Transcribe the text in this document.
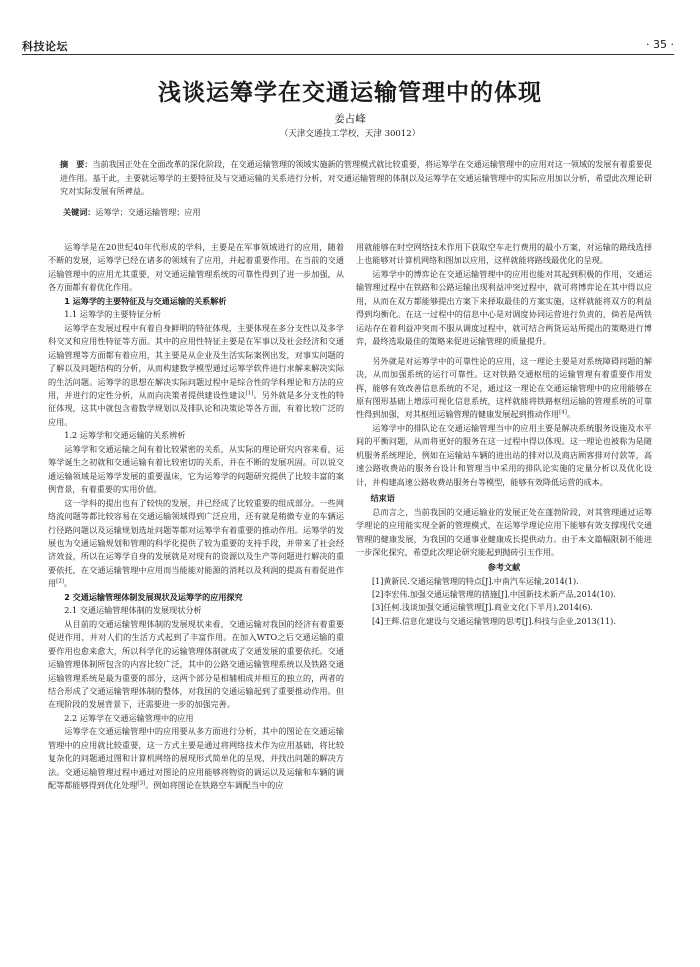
科技论坛	· 35 ·
浅谈运筹学在交通运输管理中的体现
姜占峰
（天津交通技工学校，天津 30012）
摘　要：当前我国正处在全面改革的深化阶段，在交通运输管理的领域实施新的管理模式就比较重要，将运筹学在交通运输管理中的应用对这一领域的发展有着重要促进作用。基于此，主要就运筹学的主要特征及与交通运输的关系进行分析，对交通运输管理的体制以及运筹学在交通运输管理中的实际应用加以分析，希望此次理论研究对实际发展有所裨益。
关键词：运筹学；交通运输管理；应用

运筹学是在20世纪40年代形成的学科，主要是在军事领域进行的应用，随着不断的发展，运筹学已经在诸多的领域有了应用，并起着重要作用。在当前的交通运输管理中的应用尤其重要，对交通运输管理系统的可靠性得到了进一步加强，从各方面都有着优化作用。

1 运筹学的主要特征及与交通运输的关系解析

1.1 运筹学的主要特征分析

运筹学在发展过程中有着自身鲜明的特征体现，主要体现在多分支性以及多学科交叉和应用性特征等方面。其中的应用性特征主要是在军事以及社会经济和交通运输管理等方面都有着应用，其主要是从企业及生活实际案例出发，对事实问题的了解以及问题结构的分析，从而构建数学模型通过运筹学软件进行求解来解决实际的生活问题。运筹学的思想在解决实际问题过程中是综合性的学科理论和方法的应用，并进行的定性分析，从而向决策者提供建设性建议[1]。另外就是多分支性的特征体现，这其中就包含着数学规划以及排队论和决策论等各方面，有着比较广泛的应用。

1.2 运筹学和交通运输的关系辨析

运筹学和交通运输之间有着比较紧密的关系，从实际的理论研究内容来看，运筹学诞生之初就和交通运输有着比较密切的关系，并在不断的发展巩固。可以说交通运输领域是运筹学发展的重要温床，它为运筹学的问题研究提供了比较丰富的案例背景，有着重要的实用价值。

这一学科的提出也有了较快的发展，并已经成了比较重要的组成部分。一些网络流问题等都比较容易在交通运输领域得到广泛应用，还有就是稍微专业的车辆运行径路问题以及运输规划选址问题等都对运筹学有着重要的推动作用。运筹学的发展也为交通运输规划和管理的科学化提供了较为重要的支持手段，并带来了社会经济效益，所以在运筹学自身的发展就是对现有的资源以及生产等问题进行解决的重要依托，在交通运输管理中应用而当能能对能源的消耗以及利润的提高有着促进作用[2]。

2 交通运输管理体制发展现状及运筹学的应用探究

2.1 交通运输管理体制的发展现状分析

从目前的交通运输管理体制的发展现状来看，交通运输对我国的经济有着重要促进作用，并对人们的生活方式起到了丰富作用。在加入WTO之后交通运输的重要作用也愈来愈大，所以科学化的运输管理体制就成了交通发展的重要依托。交通运输管理体制所包含的内容比较广泛，其中的公路交通运输管理系统以及铁路交通运输管理系统是最为重要的部分，这两个部分是相辅相成并相互的独立的，两者的结合形成了交通运输管理体制的整体，对我国的交通运输起到了重要推动作用。但在现阶段的发展背景下，还需要进一步的加强完善。

2.2 运筹学在交通运输管理中的应用

运筹学在交通运输管理中的应用要从多方面进行分析，其中的图论在交通运输管理中的应用就比较重要，这一方式主要是通过将网络技术作为应用基础，将比较复杂化的问题通过图和计算机网络的展现形式简单化的呈现，并找出问题的解决方法。交通运输管理过程中通过对图论的应用能够将物资的调运以及运输和车辆的调配等都能够得到优化处理[3]。例如将图论在铁路空车调配当中的应

用就能够在时空网络技术作用下获取空车走行费用的最小方案，对运输的路线选择上也能够对计算机网络和图加以应用，这样就能将路线最优化的呈现。

运筹学中的博弈论在交通运输管理中的应用也能对其起到积极的作用，交通运输管理过程中在铁路和公路运输出现利益冲突过程中，就可将博弈论在其中得以应用，从而在双方都能够提出方案下来择取最佳的方案实施，这样就能将双方的利益得到均衡化。在这一过程中的信息中心是对调度协同运营进行负责的，倘若是两铁运站存在着利益冲突而不服从调度过程中，就可结合两货运站所提出的策略进行博弈，最终选取最佳的策略来促进运输管理的质量提升。

另外就是对运筹学中的可靠性论的应用，这一理论主要是对系统障碍问题的解决，从而加强系统的运行可靠性。这对铁路交通枢纽的运输管理有着重要作用发挥，能够有效改善信息系统的不足，通过这一理论在交通运输管理中的应用能够在原有图形基础上增添可视化信息系统，这样就能将铁路枢纽运输的管理系统的可靠性得到加强，对其枢纽运输管理的健康发展起到推动作用[4]。

运筹学中的排队论在交通运输管理当中的应用主要是解决系统服务设施及水平间的平衡问题，从而将更好的服务在这一过程中得以体现。这一理论也被称为是随机服务系统理论，例如在运输站车辆的进出站的排对以及商店顾客排对付款等，高速公路收费站的服务台设计和管理当中采用的排队论实施的定量分析以及优化设计，并构建高速公路收费站服务台等模型，能够有效降低运营的成本。

结束语

总而言之，当前我国的交通运输业的发展正处在蓬勃阶段，对其管理通过运筹学理论的应用能实现全新的管理模式，在运筹学理论应用下能够有效支撑现代交通管理的健康发展，为我国的交通事业健康成长提供动力。由于本文篇幅限制不能进一步深化探究，希望此次理论研究能起到抛砖引玉作用。

参考文献

[1]黄新民.交通运输管理的特点[J].中南汽车运输,2014(1).

[2]李宏伟.加强交通运输管理的措施[J].中国新技术新产品,2014(10).

[3]任柯.浅谈加强交通运输管理[J].商业文化(下半月),2014(6).

[4]王辉.信息化建设与交通运输管理的思考[J].科技与企业,2013(11).
